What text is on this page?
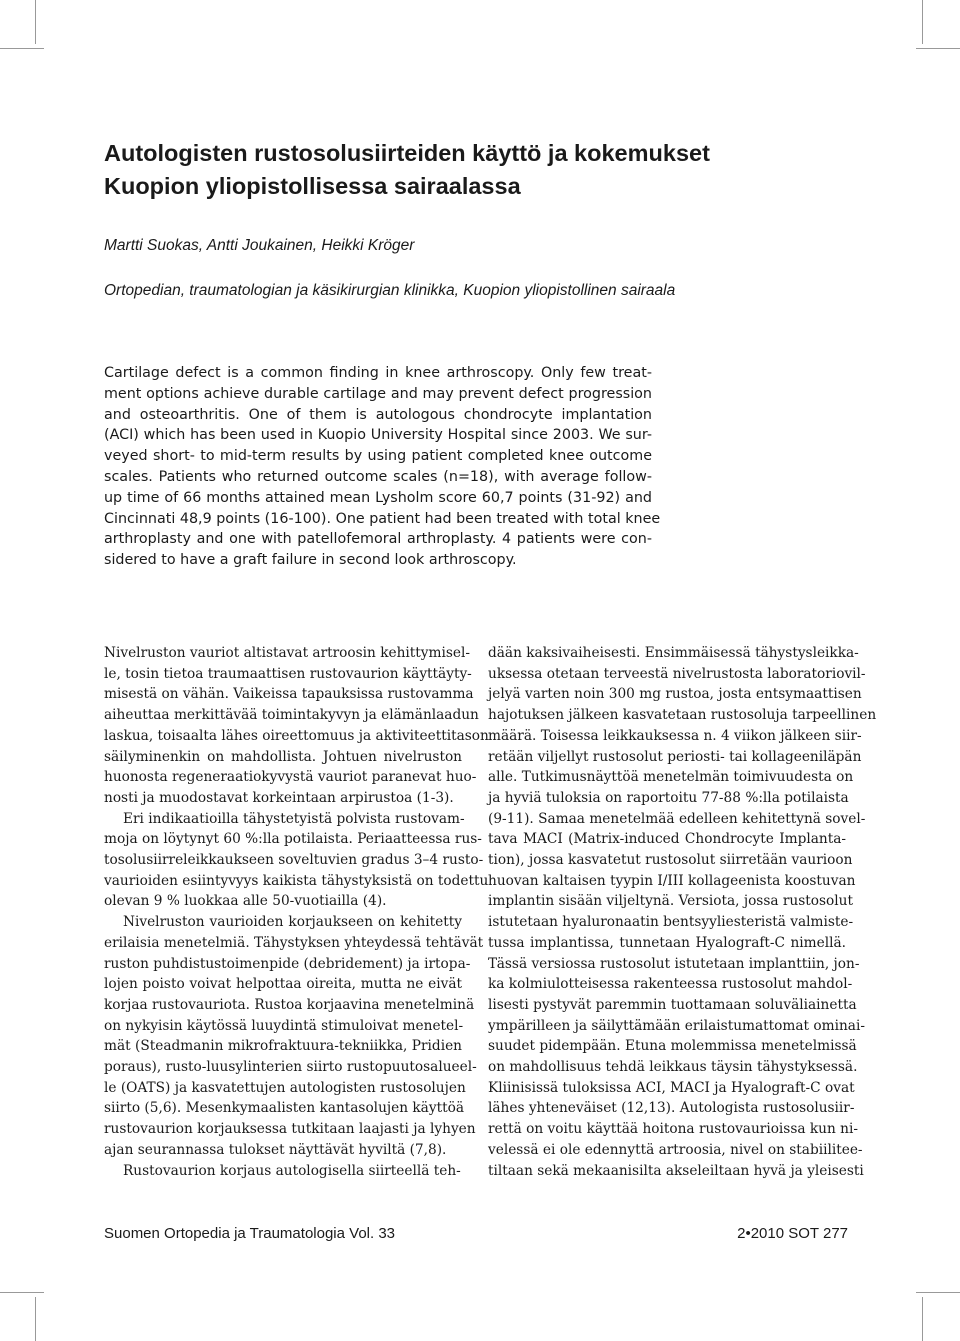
Autologisten rustosolusiirteiden käyttö ja kokemukset
Kuopion yliopistollisessa sairaalassa
Martti Suokas, Antti Joukainen, Heikki Kröger
Ortopedian, traumatologian ja käsikirurgian klinikka, Kuopion yliopistollinen sairaala
Cartilage defect is a common finding in knee arthroscopy. Only few treat-
ment options achieve durable cartilage and may prevent defect progression
and osteoarthritis. One of them is autologous chondrocyte implantation
(ACI) which has been used in Kuopio University Hospital since 2003. We sur-
veyed short- to mid-term results by using patient completed knee outcome
scales. Patients who returned outcome scales (n=18), with average follow-
up time of 66 months attained mean Lysholm score 60,7 points (31-92) and
Cincinnati 48,9 points (16-100). One patient had been treated with total knee
arthroplasty and one with patellofemoral arthroplasty. 4 patients were con-
sidered to have a graft failure in second look arthroscopy.
Nivelruston vauriot altistavat artroosin kehittymisel-
le, tosin tietoa traumaattisen rustovaurion käyttäyty-
misestä on vähän. Vaikeissa tapauksissa rustovamma
aiheuttaa merkittävää toimintakyvyn ja elämänlaadun
laskua, toisaalta lähes oireettomuus ja aktiviteettitason
säilyminenkin on mahdollista. Johtuen nivelruston
huonosta regeneraatiokyvystä vauriot paranevat huo-
nosti ja muodostavat korkeintaan arpirustoa (1-3).
Eri indikaatioilla tähystetyistä polvista rustovam-
moja on löytynyt 60 %:lla potilaista. Periaatteessa rus-
tosolusiirreleikkaukseen soveltuvien gradus 3–4 rusto-
vaurioiden esiintyvyys kaikista tähystyksistä on todettu
olevan 9 % luokkaa alle 50-vuotiailla (4).
Nivelruston vaurioiden korjaukseen on kehitetty
erilaisia menetelmiä. Tähystyksen yhteydessä tehtävät
ruston puhdistustoimenpide (debridement) ja irtopa-
lojen poisto voivat helpottaa oireita, mutta ne eivät
korjaa rustovauriota. Rustoa korjaavina menetelminä
on nykyisin käytössä luuydintä stimuloivat menetel-
mät (Steadmanin mikrofraktuura-tekniikka, Pridien
poraus), rusto-luusylinterien siirto rustopuutosalueel-
le (OATS) ja kasvatettujen autologisten rustosolujen
siirto (5,6). Mesenkymaalisten kantasolujen käyttöä
rustovaurion korjauksessa tutkitaan laajasti ja lyhyen
ajan seurannassa tulokset näyttävät hyviltä (7,8).
Rustovaurion korjaus autologisella siirteellä teh-
dään kaksivaiheisesti. Ensimmäisessä tähystysleikka-
uksessa otetaan terveestä nivelrustosta laboratoriovil-
jelyä varten noin 300 mg rustoa, josta entsymaattisen
hajotuksen jälkeen kasvatetaan rustosoluja tarpeellinen
määrä. Toisessa leikkauksessa n. 4 viikon jälkeen siir-
retään viljellyt rustosolut periosti- tai kollageeniläpän
alle. Tutkimusnäyttöä menetelmän toimivuudesta on
ja hyviä tuloksia on raportoitu 77-88 %:lla potilaista
(9-11). Samaa menetelmää edelleen kehitettynä sovel-
tava MACI (Matrix-induced Chondrocyte Implanta-
tion), jossa kasvatetut rustosolut siirretään vaurioon
huovan kaltaisen tyypin I/III kollageenista koostuvan
implantin sisään viljeltynä. Versiota, jossa rustosolut
istutetaan hyaluronaatin bentsyyliesteristä valmiste-
tussa implantissa, tunnetaan Hyalograft-C nimellä.
Tässä versiossa rustosolut istutetaan implanttiin, jon-
ka kolmiulotteisessa rakenteessa rustosolut mahdol-
lisesti pystyvät paremmin tuottamaan soluväliainetta
ympärilleen ja säilyttämään erilaistumattomat ominai-
suudet pidempään. Etuna molemmissa menetelmissä
on mahdollisuus tehdä leikkaus täysin tähystyksessä.
Kliinisissä tuloksissa ACI, MACI ja Hyalograft-C ovat
lähes yhteneväiset (12,13). Autologista rustosolusiir-
rettä on voitu käyttää hoitona rustovaurioissa kun ni-
velessä ei ole edennyttä artroosia, nivel on stabiilitee-
tiltaan sekä mekaanisilta akseleiltaan hyvä ja yleisesti
Suomen Ortopedia ja Traumatologia Vol. 33	2•2010 SOT 277
